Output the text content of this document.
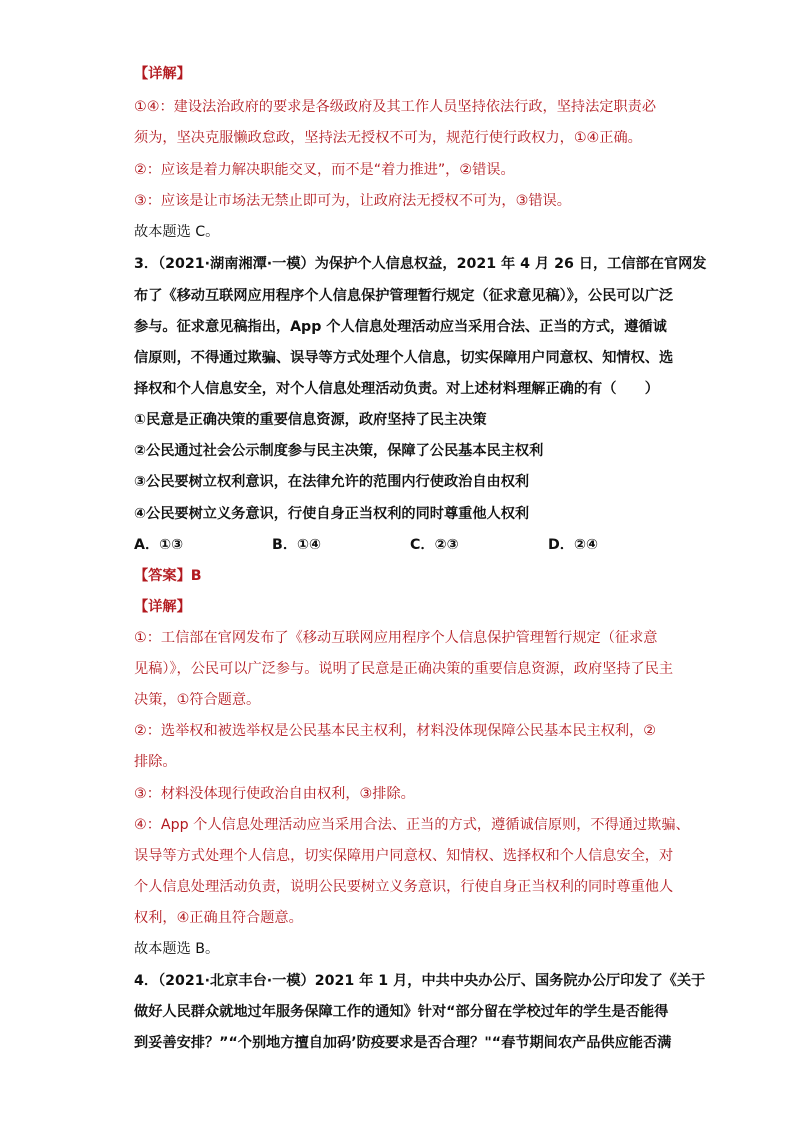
【详解】
①④：建设法治政府的要求是各级政府及其工作人员坚持依法行政，坚持法定职责必
须为，坚决克服懒政怠政，坚持法无授权不可为，规范行使行政权力，①④正确。
②：应该是着力解决职能交叉，而不是“着力推进”，②错误。
③：应该是让市场法无禁止即可为，让政府法无授权不可为，③错误。
故本题选 C。
3．（2021·湖南湘潭·一模）为保护个人信息权益，2021 年 4 月 26 日，工信部在官网发
布了《移动互联网应用程序个人信息保护管理暂行规定（征求意见稿）》，公民可以广泛
参与。征求意见稿指出，App 个人信息处理活动应当采用合法、正当的方式，遵循诚
信原则，不得通过欺骗、误导等方式处理个人信息，切实保障用户同意权、知情权、选
择权和个人信息安全，对个人信息处理活动负责。对上述材料理解正确的有（　　）
①民意是正确决策的重要信息资源，政府坚持了民主决策
②公民通过社会公示制度参与民主决策，保障了公民基本民主权利
③公民要树立权利意识，在法律允许的范围内行使政治自由权利
④公民要树立义务意识，行使自身正当权利的同时尊重他人权利
A．①③	B．①④	C．②③	D．②④
【答案】B
【详解】
①：工信部在官网发布了《移动互联网应用程序个人信息保护管理暂行规定（征求意
见稿）》，公民可以广泛参与。说明了民意是正确决策的重要信息资源，政府坚持了民主
决策，①符合题意。
②：选举权和被选举权是公民基本民主权利，材料没体现保障公民基本民主权利，②
排除。
③：材料没体现行使政治自由权利，③排除。
④：App 个人信息处理活动应当采用合法、正当的方式，遵循诚信原则，不得通过欺骗、
误导等方式处理个人信息，切实保障用户同意权、知情权、选择权和个人信息安全，对
个人信息处理活动负责，说明公民要树立义务意识，行使自身正当权利的同时尊重他人
权利，④正确且符合题意。
故本题选 B。
4．（2021·北京丰台·一模）2021 年 1 月，中共中央办公厅、国务院办公厅印发了《关于
做好人民群众就地过年服务保障工作的通知》针对“部分留在学校过年的学生是否能得
到妥善安排？”“个别地方擅自加码’防疫要求是否合理？"“春节期间农产品供应能否满
